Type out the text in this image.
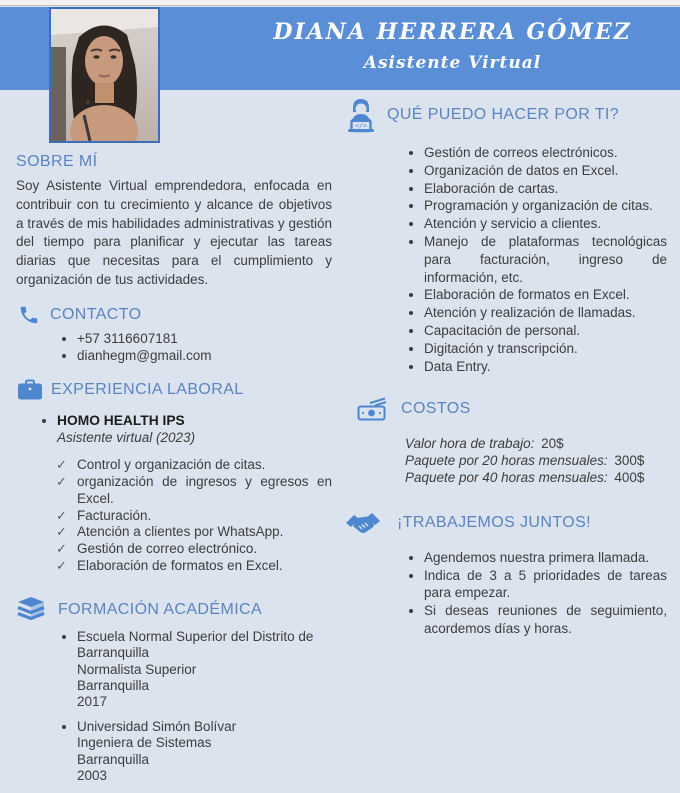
DIANA HERRERA GÓMEZ
Asistente Virtual
SOBRE MÍ

Soy Asistente Virtual emprendedora, enfocada en contribuir con tu crecimiento y alcance de objetivos a través de mis habilidades administrativas y gestión del tiempo para planificar y ejecutar las tareas diarias que necesitas para el cumplimiento y organización de tus actividades.

CONTACTO
• +57 3116607181
• dianhegm@gmail.com
EXPERIENCIA LABORAL
• HOMO HEALTH IPS
Asistente virtual (2023)
✓ Control y organización de citas.
✓ organización de ingresos y egresos en Excel.
✓ Facturación.
✓ Atención a clientes por WhatsApp.
✓ Gestión de correo electrónico.
✓ Elaboración de formatos en Excel.
FORMACIÓN ACADÉMICA
• Escuela Normal Superior del Distrito de Barranquilla
Normalista Superior
Barranquilla
2017
• Universidad Simón Bolívar
Ingeniera de Sistemas
Barranquilla
2003
</>
QUÉ PUEDO HACER POR TI?
• Gestión de correos electrónicos.
• Organización de datos en Excel.
• Elaboración de cartas.
• Programación y organización de citas.
• Atención y servicio a clientes.
• Manejo de plataformas tecnológicas para facturación, ingreso de información, etc.
• Elaboración de formatos en Excel.
• Atención y realización de llamadas.
• Capacitación de personal.
• Digitación y transcripción.
• Data Entry.
COSTOS
Valor hora de trabajo: 20$
Paquete por 20 horas mensuales: 300$
Paquete por 40 horas mensuales: 400$
¡TRABAJEMOS JUNTOS!
• Agendemos nuestra primera llamada.
• Indica de 3 a 5 prioridades de tareas para empezar.
• Si deseas reuniones de seguimiento, acordemos días y horas.
